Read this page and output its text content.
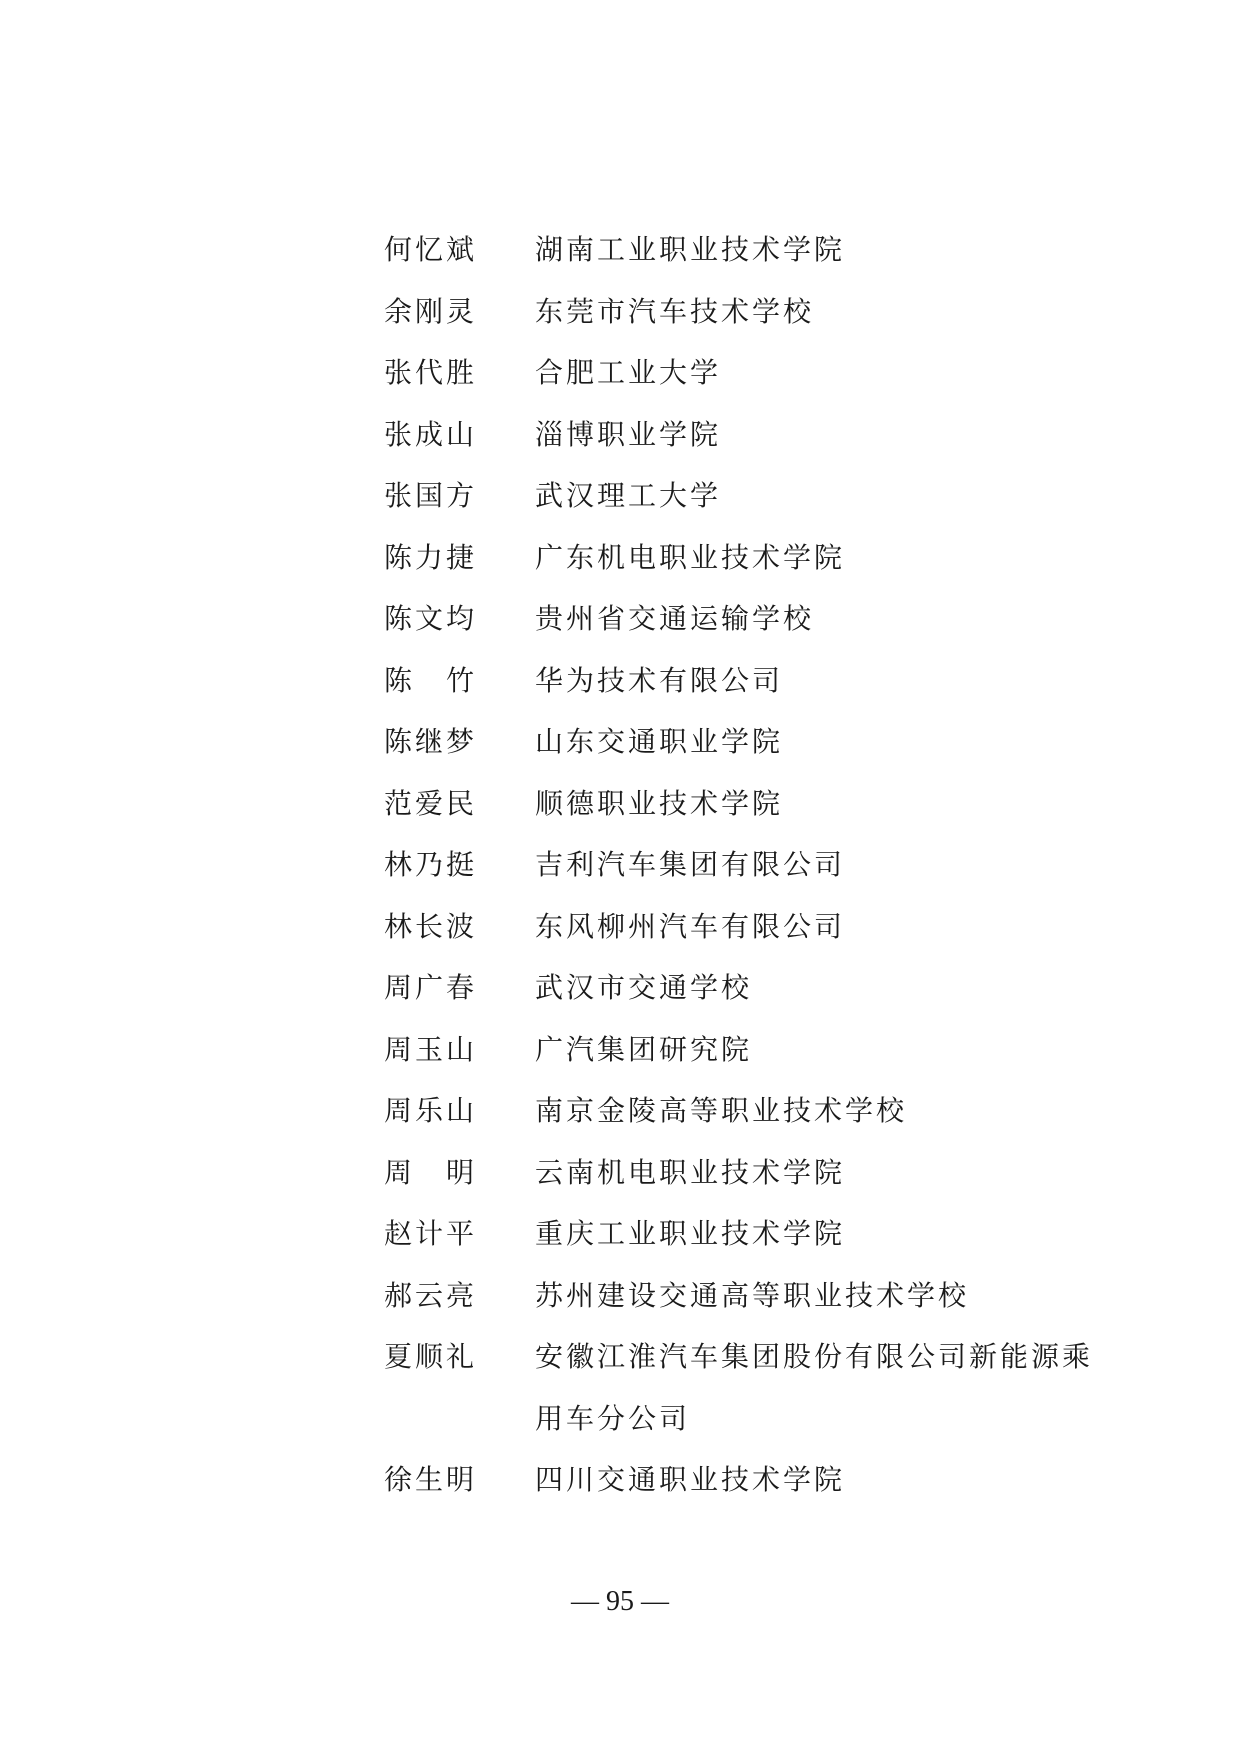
何忆斌 湖南工业职业技术学院
余刚灵 东莞市汽车技术学校
张代胜 合肥工业大学
张成山 淄博职业学院
张国方 武汉理工大学
陈力捷 广东机电职业技术学院
陈文均 贵州省交通运输学校
陈　竹 华为技术有限公司
陈继梦 山东交通职业学院
范爱民 顺德职业技术学院
林乃挺 吉利汽车集团有限公司
林长波 东风柳州汽车有限公司
周广春 武汉市交通学校
周玉山 广汽集团研究院
周乐山 南京金陵高等职业技术学校
周　明 云南机电职业技术学院
赵计平 重庆工业职业技术学院
郝云亮 苏州建设交通高等职业技术学校
夏顺礼 安徽江淮汽车集团股份有限公司新能源乘用车分公司
徐生明 四川交通职业技术学院
— 95 —
